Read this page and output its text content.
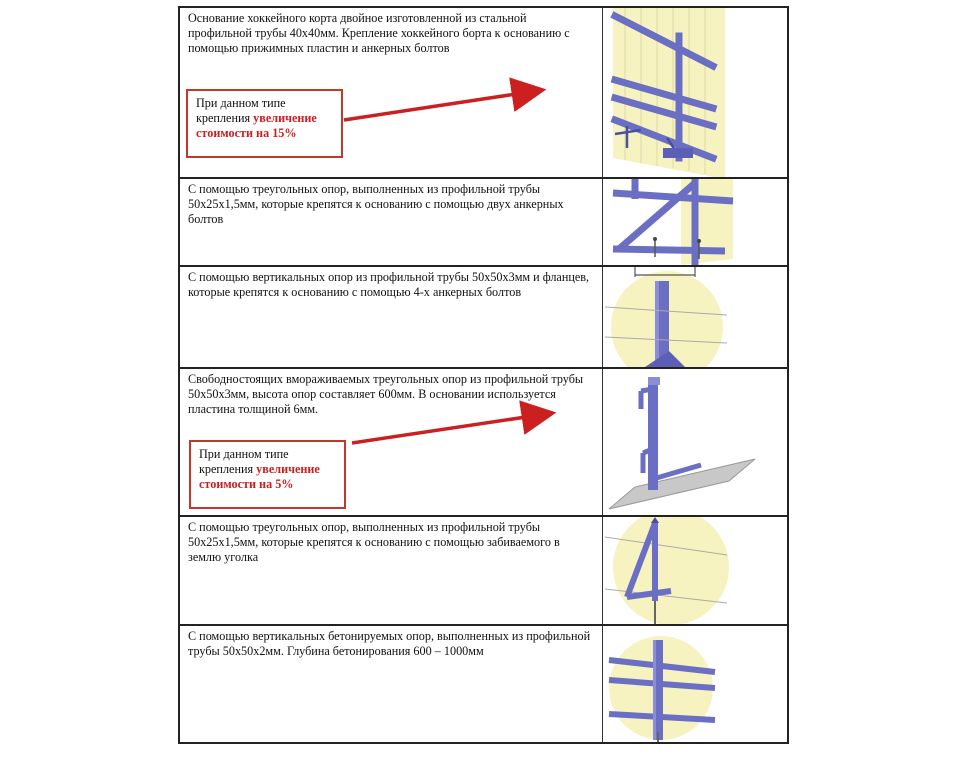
Основание хоккейного корта двойное изготовленной из стальной профильной трубы 40х40мм. Крепление хоккейного борта к основанию с помощью прижимных пластин и анкерных болтов
С помощью треугольных опор, выполненных из профильной трубы 50х25х1,5мм, которые крепятся к основанию с помощью двух анкерных болтов
С помощью вертикальных опор из профильной трубы 50х50х3мм и фланцев, которые крепятся к основанию с помощью 4-х анкерных болтов
Свободностоящих вмораживаемых треугольных опор из профильной трубы 50х50х3мм, высота опор составляет 600мм. В основании используется пластина толщиной 6мм.
С помощью треугольных опор, выполненных из профильной трубы 50х25х1,5мм, которые крепятся к основанию с помощью забиваемого в землю уголка
С помощью вертикальных бетонируемых опор, выполненных из профильной трубы 50х50х2мм. Глубина бетонирования 600 – 1000мм
При данном типе крепления увеличение стоимости на 15%
При данном типе крепления увеличение стоимости на 5%
